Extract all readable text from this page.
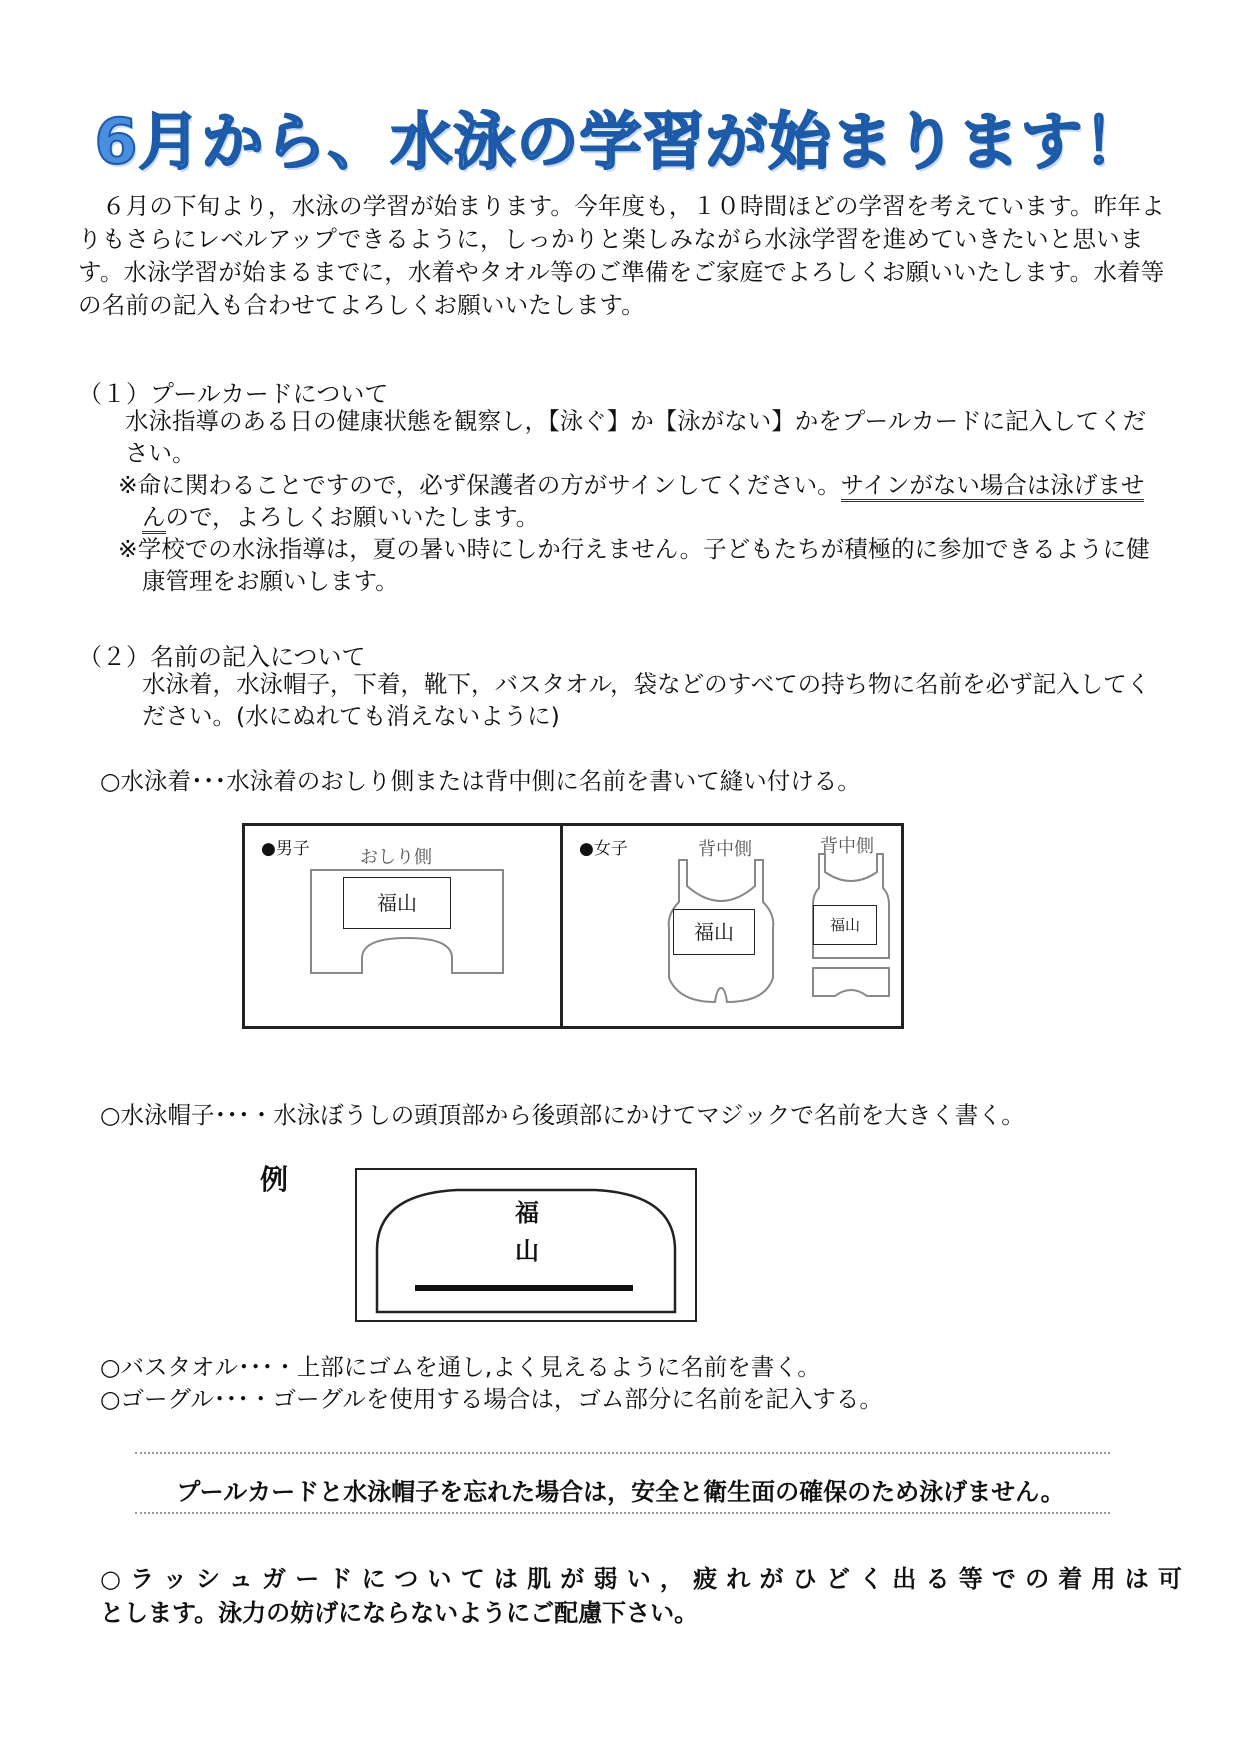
6月から、水泳の学習が始まります！
６月の下旬より，水泳の学習が始まります。今年度も，１０時間ほどの学習を考えています。昨年よりもさらにレベルアップできるように，しっかりと楽しみながら水泳学習を進めていきたいと思います。水泳学習が始まるまでに，水着やタオル等のご準備をご家庭でよろしくお願いいたします。水着等の名前の記入も合わせてよろしくお願いいたします。
（１）プールカードについて
水泳指導のある日の健康状態を観察し，【泳ぐ】か【泳がない】かをプールカードに記入してください。
※命に関わることですので，必ず保護者の方がサインしてください。サインがない場合は泳げませんので，よろしくお願いいたします。
※学校での水泳指導は，夏の暑い時にしか行えません。子どもたちが積極的に参加できるように健康管理をお願いします。
（２）名前の記入について
水泳着，水泳帽子，下着，靴下，バスタオル，袋などのすべての持ち物に名前を必ず記入してください。(水にぬれても消えないように)
○水泳着･･･水泳着のおしり側または背中側に名前を書いて縫い付ける。
●男子	おしり側
福山
●女子	背中側	背中側
福山	福山
○水泳帽子･･･・水泳ぼうしの頭頂部から後頭部にかけてマジックで名前を大きく書く。
例
福
山
○バスタオル･･･・上部にゴムを通し,よく見えるように名前を書く。
○ゴーグル･･･・ゴーグルを使用する場合は，ゴム部分に名前を記入する。
プールカードと水泳帽子を忘れた場合は，安全と衛生面の確保のため泳げません。
○ラッシュガードについては肌が弱い，疲れがひどく出る等での着用は可
とします。泳力の妨げにならないようにご配慮下さい。
